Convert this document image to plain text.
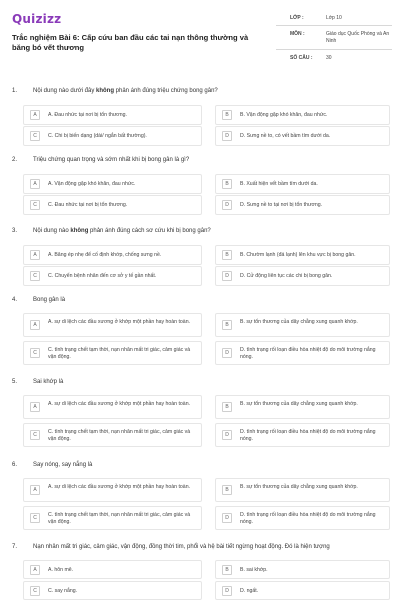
Quizizz
Trắc nghiệm Bài 6: Cấp cứu ban đầu các tai nạn thông thường và băng bó vết thương
LỚP :	Lớp 10
MÔN :	Giáo dục Quốc Phòng và An Ninh
SỐ CÂU :	30
1.	Nội dung nào dưới đây không phản ánh đúng triệu chứng bong gân?
A	A. Đau nhức tại nơi bị tổn thương.	B	B. Vận động gặp khó khăn, đau nhức.
C	C. Chi bị biến dạng (dài/ ngắn bất thường).	D	D. Sưng nề to, có vết bầm tím dưới da.
2.	Triệu chứng quan trọng và sớm nhất khi bị bong gân là gì?
A	A. Vận động gặp khó khăn, đau nhức.	B	B. Xuất hiện vết bầm tím dưới da.
C	C. Đau nhức tại nơi bị tổn thương.	D	D. Sưng nề to tại nơi bị tổn thương.
3.	Nội dung nào không phản ánh đúng cách sơ cứu khi bị bong gân?
A	A. Băng ép nhẹ để cố định khớp, chống sưng nề.	B	B. Chườm lạnh (đá lạnh) lên khu vực bị bong gân.
C	C. Chuyển bệnh nhân đến cơ sở y tế gần nhất.	D	D. Cử động liên tục các chi bị bong gân.
4.	Bong gân là
A	A. sự di lệch các đầu xương ở khớp một phần hay hoàn toàn.	B	B. sự tổn thương của dây chằng xung quanh khớp.
C	C. tình trạng chết tạm thời, nạn nhân mất tri giác, cảm giác và vận động.
D	D. tình trạng rối loạn điều hòa nhiệt độ do môi trường nắng nóng.
5.	Sai khớp là
A	A. sự di lệch các đầu xương ở khớp một phần hay hoàn toàn.	B	B. sự tổn thương của dây chằng xung quanh khớp.
C	C. tình trạng chết tạm thời, nạn nhân mất tri giác, cảm giác và vận động.
D	D. tình trạng rối loạn điều hòa nhiệt độ do môi trường nắng nóng.
6.	Say nóng, say nắng là
A	A. sự di lệch các đầu xương ở khớp một phần hay hoàn toàn.	B	B. sự tổn thương của dây chằng xung quanh khớp.
C	C. tình trạng chết tạm thời, nạn nhân mất tri giác, cảm giác và vận động.
D	D. tình trạng rối loạn điều hòa nhiệt độ do môi trường nắng nóng.
7.	Nạn nhân mất tri giác, cảm giác, vận động, đồng thời tim, phổi và hệ bài tiết ngừng hoạt động. Đó là hiện tượng
A	A. hôn mê.	B	B. sai khớp.
C	C. say nắng.	D	D. ngất.
